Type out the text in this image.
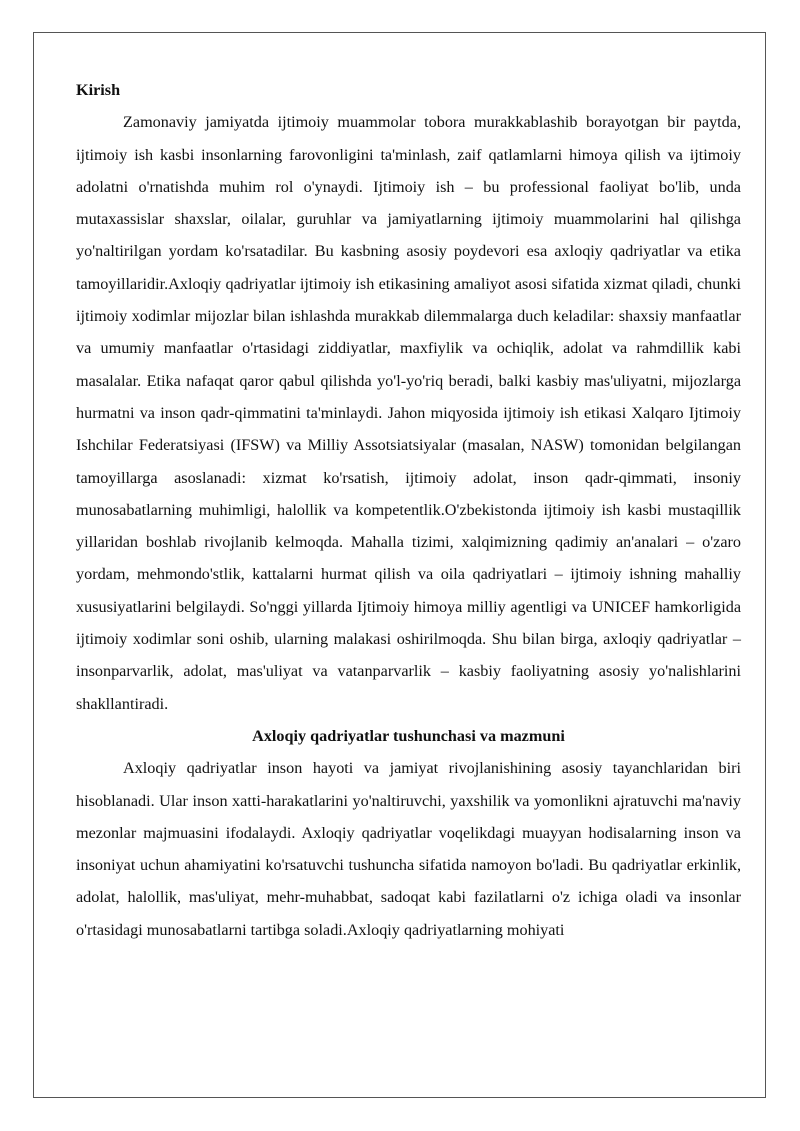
Kirish

Zamonaviy jamiyatda ijtimoiy muammolar tobora murakkablashib borayotgan bir paytda, ijtimoiy ish kasbi insonlarning farovonligini ta'minlash, zaif qatlamlarni himoya qilish va ijtimoiy adolatni o'rnatishda muhim rol o'ynaydi. Ijtimoiy ish – bu professional faoliyat bo'lib, unda mutaxassislar shaxslar, oilalar, guruhlar va jamiyatlarning ijtimoiy muammolarini hal qilishga yo'naltirilgan yordam ko'rsatadilar. Bu kasbning asosiy poydevori esa axloqiy qadriyatlar va etika tamoyillaridir.Axloqiy qadriyatlar ijtimoiy ish etikasining amaliyot asosi sifatida xizmat qiladi, chunki ijtimoiy xodimlar mijozlar bilan ishlashda murakkab dilemmalarga duch keladilar: shaxsiy manfaatlar va umumiy manfaatlar o'rtasidagi ziddiyatlar, maxfiylik va ochiqlik, adolat va rahmdillik kabi masalalar. Etika nafaqat qaror qabul qilishda yo'l-yo'riq beradi, balki kasbiy mas'uliyatni, mijozlarga hurmatni va inson qadr-qimmatini ta'minlaydi. Jahon miqyosida ijtimoiy ish etikasi Xalqaro Ijtimoiy Ishchilar Federatsiyasi (IFSW) va Milliy Assotsiatsiyalar (masalan, NASW) tomonidan belgilangan tamoyillarga asoslanadi: xizmat ko'rsatish, ijtimoiy adolat, inson qadr-qimmati, insoniy munosabatlarning muhimligi, halollik va kompetentlik.O'zbekistonda ijtimoiy ish kasbi mustaqillik yillaridan boshlab rivojlanib kelmoqda. Mahalla tizimi, xalqimizning qadimiy an'analari – o'zaro yordam, mehmondo'stlik, kattalarni hurmat qilish va oila qadriyatlari – ijtimoiy ishning mahalliy xususiyatlarini belgilaydi. So'nggi yillarda Ijtimoiy himoya milliy agentligi va UNICEF hamkorligida ijtimoiy xodimlar soni oshib, ularning malakasi oshirilmoqda. Shu bilan birga, axloqiy qadriyatlar – insonparvarlik, adolat, mas'uliyat va vatanparvarlik – kasbiy faoliyatning asosiy yo'nalishlarini shakllantiradi.

Axloqiy qadriyatlar tushunchasi va mazmuni

Axloqiy qadriyatlar inson hayoti va jamiyat rivojlanishining asosiy tayanchlaridan biri hisoblanadi. Ular inson xatti-harakatlarini yo'naltiruvchi, yaxshilik va yomonlikni ajratuvchi ma'naviy mezonlar majmuasini ifodalaydi. Axloqiy qadriyatlar voqelikdagi muayyan hodisalarning inson va insoniyat uchun ahamiyatini ko'rsatuvchi tushuncha sifatida namoyon bo'ladi. Bu qadriyatlar erkinlik, adolat, halollik, mas'uliyat, mehr-muhabbat, sadoqat kabi fazilatlarni o'z ichiga oladi va insonlar o'rtasidagi munosabatlarni tartibga soladi.Axloqiy qadriyatlarning mohiyati
